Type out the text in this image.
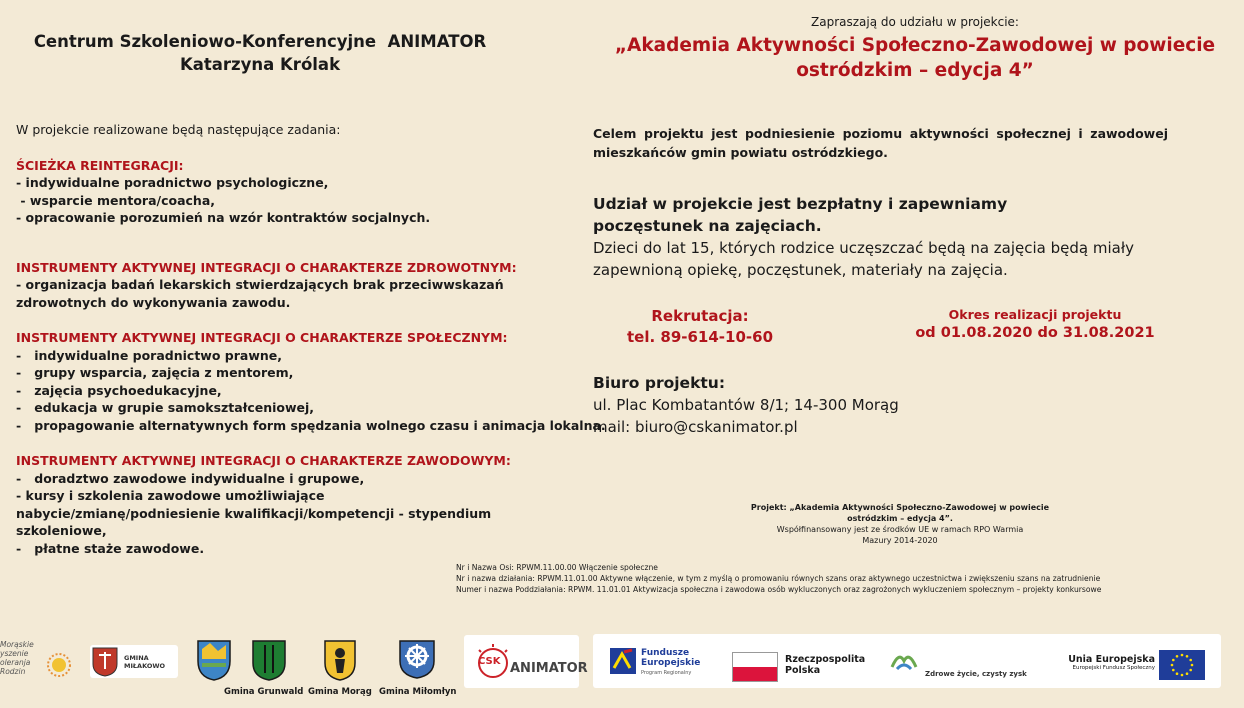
Centrum Szkoleniowo-Konferencyjne  ANIMATOR
Katarzyna Królak
Zapraszają do udziału w projekcie:
„Akademia Aktywności Społeczno-Zawodowej w powiecie
ostródzkim – edycja 4”
W projekcie realizowane będą następujące zadania:
ŚCIEŻKA REINTEGRACJI:
- indywidualne poradnictwo psychologiczne,
- wsparcie mentora/coacha,
- opracowanie porozumień na wzór kontraktów socjalnych.
INSTRUMENTY AKTYWNEJ INTEGRACJI O CHARAKTERZE ZDROWOTNYM:
- organizacja badań lekarskich stwierdzających brak przeciwwskazań zdrowotnych do wykonywania zawodu.
INSTRUMENTY AKTYWNEJ INTEGRACJI O CHARAKTERZE SPOŁECZNYM:
-   indywidualne poradnictwo prawne,
-   grupy wsparcia, zajęcia z mentorem,
-   zajęcia psychoedukacyjne,
-   edukacja w grupie samokształceniowej,
-   propagowanie alternatywnych form spędzania wolnego czasu i animacja lokalna.
INSTRUMENTY AKTYWNEJ INTEGRACJI O CHARAKTERZE ZAWODOWYM:
-   doradztwo zawodowe indywidualne i grupowe,
- kursy i szkolenia zawodowe umożliwiające nabycie/zmianę/podniesienie kwalifikacji/kompetencji - stypendium szkoleniowe,
-   płatne staże zawodowe.
Celem projektu jest podniesienie poziomu aktywności społecznej i zawodowej mieszkańców gmin powiatu ostródzkiego.
Udział w projekcie jest bezpłatny i zapewniamy
poczęstunek na zajęciach.
Dzieci do lat 15, których rodzice uczęszczać będą na zajęcia będą miały
zapewnioną opiekę, poczęstunek, materiały na zajęcia.
Rekrutacja:
tel. 89-614-10-60
Okres realizacji projektu
od 01.08.2020 do 31.08.2021
Biuro projektu:
ul. Plac Kombatantów 8/1; 14-300 Morąg
mail: biuro@cskanimator.pl
Projekt: „Akademia Aktywności Społeczno-Zawodowej w powiecie
ostródzkim – edycja 4”.
Współfinansowany jest ze środków UE w ramach RPO Warmia
Mazury 2014-2020
Nr i Nazwa Osi: RPWM.11.00.00 Włączenie społeczne
Nr i nazwa działania: RPWM.11.01.00 Aktywne włączenie, w tym z myślą o promowaniu równych szans oraz aktywnego uczestnictwa i zwiększeniu szans na zatrudnienie
Numer i nazwa Poddziałania: RPWM. 11.01.01 Aktywizacja społeczna i zawodowa osób wykluczonych oraz zagrożonych wykluczeniem społecznym – projekty konkursowe
Morąskie
yszenie
oleranja
Rodzin
GMINA
MIŁAKOWO
Gmina Grunwald Gmina Morąg Gmina Miłomłyn
CSK ANIMATOR
Fundusze
Europejskie
Program Regionalny
Rzeczpospolita
Polska	Zdrowe życie, czysty zysk
Unia Europejska
Europejski Fundusz Społeczny
